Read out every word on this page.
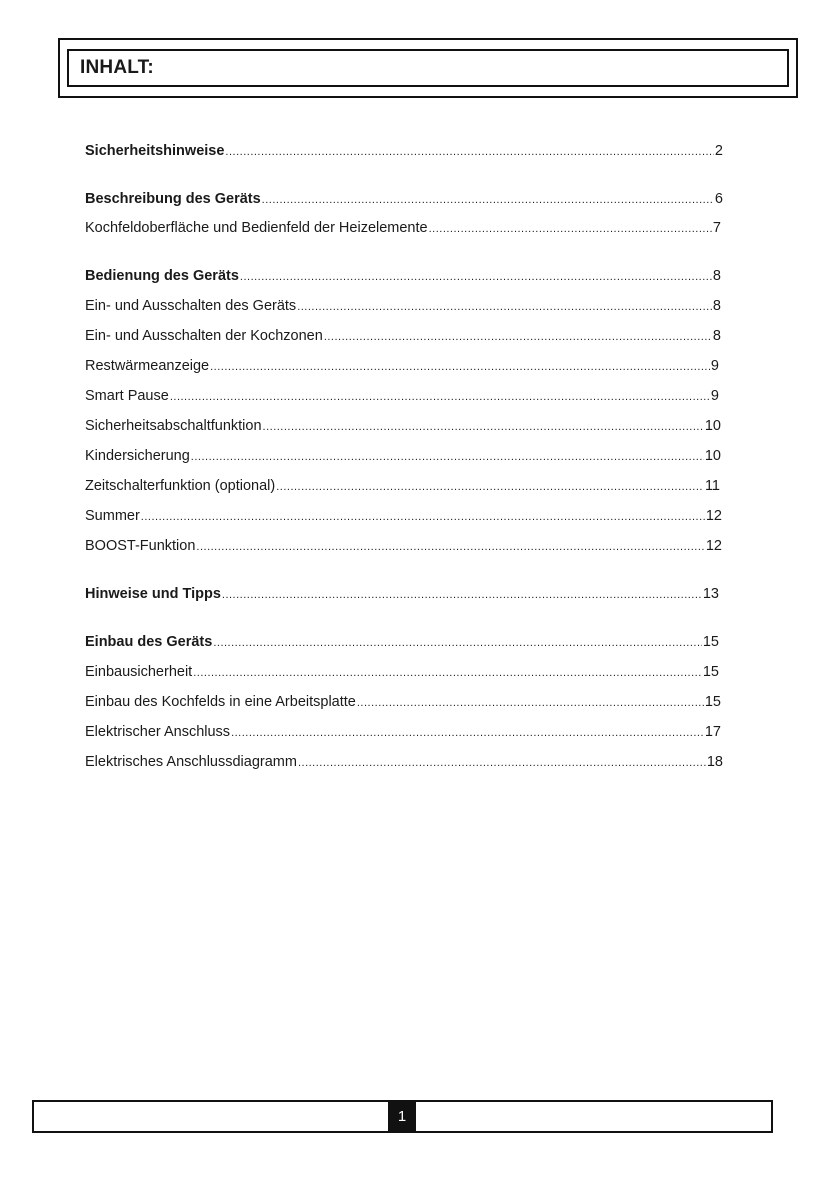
INHALT:
Sicherheitshinweise .....	2
Beschreibung des Geräts .....	6
Kochfeldoberfläche und Bedienfeld der Heizelemente .....	7
Bedienung des Geräts .....	8
Ein- und Ausschalten des Geräts .....	8
Ein- und Ausschalten der Kochzonen .....	8
Restwärmeanzeige .....	9
Smart Pause .....	9
Sicherheitsabschaltfunktion .....	10
Kindersicherung .....	10
Zeitschalterfunktion (optional) .....	11
Summer .....	12
BOOST-Funktion .....	12
Hinweise und Tipps .....	13
Einbau des Geräts .....	15
Einbausicherheit .....	15
Einbau des Kochfelds in eine Arbeitsplatte .....	15
Elektrischer Anschluss .....	17
Elektrisches Anschlussdiagramm .....	18
1
